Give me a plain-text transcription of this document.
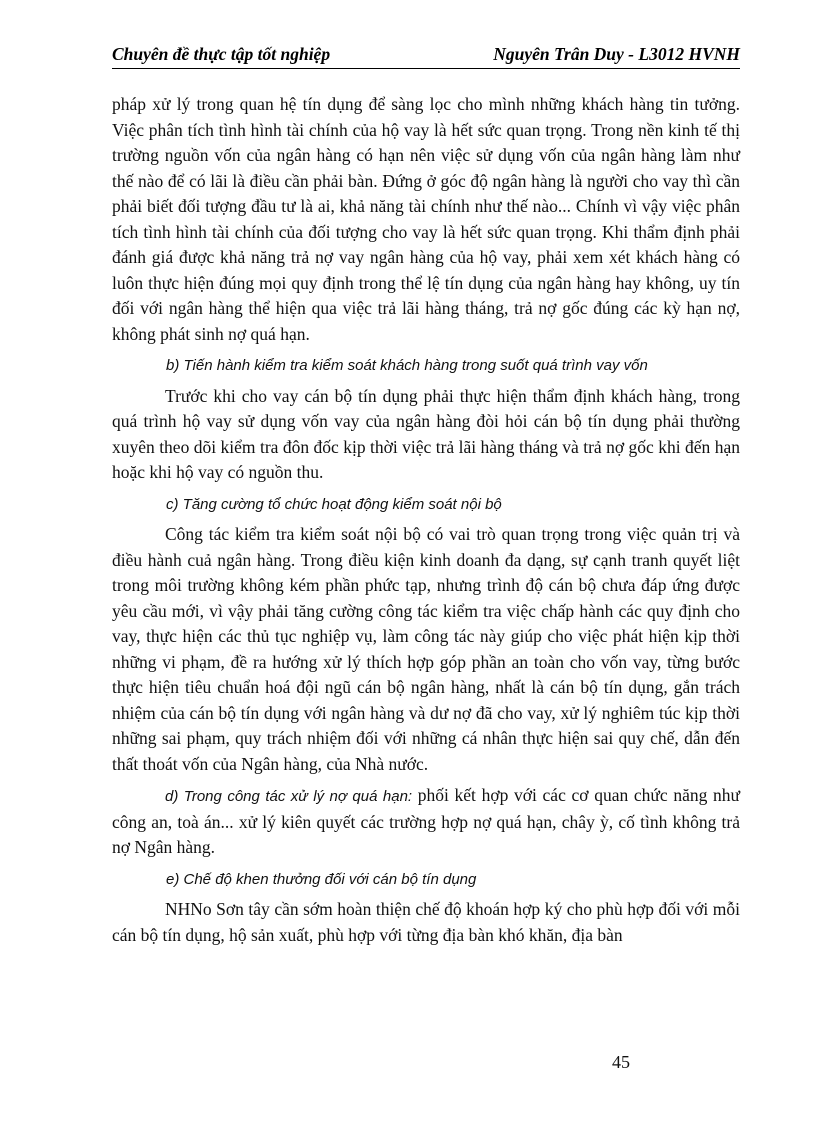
Chuyên đề thực tập tốt nghiệp	Nguyên Trân Duy - L3012 HVNH

pháp xử lý trong quan hệ tín dụng để sàng lọc cho mình những khách hàng tin tưởng. Việc phân tích tình hình tài chính của hộ vay là hết sức quan trọng. Trong nền kinh tế thị trường nguồn vốn của ngân hàng có hạn nên việc sử dụng vốn của ngân hàng làm như thế nào để có lãi là điều cần phải bàn. Đứng ở góc độ ngân hàng là người cho vay thì cần phải biết đối tượng đầu tư là ai, khả năng tài chính như thế nào... Chính vì vậy việc phân tích tình hình tài chính của đối tượng cho vay là hết sức quan trọng. Khi thẩm định phải đánh giá được khả năng trả nợ vay ngân hàng của hộ vay, phải xem xét khách hàng có luôn thực hiện đúng mọi quy định trong thể lệ tín dụng của ngân hàng hay không, uy tín đối với ngân hàng thể hiện qua việc trả lãi hàng tháng, trả nợ gốc đúng các kỳ hạn nợ, không phát sinh nợ quá hạn.

b) Tiến hành kiểm tra kiểm soát khách hàng trong suốt quá trình vay vốn

Trước khi cho vay cán bộ tín dụng phải thực hiện thẩm định khách hàng, trong quá trình hộ vay sử dụng vốn vay của ngân hàng đòi hỏi cán bộ tín dụng phải thường xuyên theo dõi kiểm tra đôn đốc kịp thời việc trả lãi hàng tháng và trả nợ gốc khi đến hạn hoặc khi hộ vay có nguồn thu.

c) Tăng cường tổ chức hoạt động kiểm soát nội bộ

Công tác kiểm tra kiểm soát nội bộ có vai trò quan trọng trong việc quản trị và điều hành cuả ngân hàng. Trong điều kiện kinh doanh đa dạng, sự cạnh tranh quyết liệt trong môi trường không kém phần phức tạp, nhưng trình độ cán bộ chưa đáp ứng được yêu cầu mới, vì vậy phải tăng cường công tác kiểm tra việc chấp hành các quy định cho vay, thực hiện các thủ tục nghiệp vụ, làm công tác này giúp cho việc phát hiện kịp thời những vi phạm, đề ra hướng xử lý thích hợp góp phần an toàn cho vốn vay, từng bước thực hiện tiêu chuẩn hoá đội ngũ cán bộ ngân hàng, nhất là cán bộ tín dụng, gắn trách nhiệm của cán bộ tín dụng với ngân hàng và dư nợ đã cho vay, xử lý nghiêm túc kịp thời những sai phạm, quy trách nhiệm đối với những cá nhân thực hiện sai quy chế, dẫn đến thất thoát vốn của Ngân hàng, của Nhà nước.

d) Trong công tác xử lý nợ quá hạn: phối kết hợp với các cơ quan chức năng như công an, toà án... xử lý kiên quyết các trường hợp nợ quá hạn, chây ỳ, cố tình không trả nợ Ngân hàng.

e) Chế độ khen thưởng đối với cán bộ tín dụng

NHNo Sơn tây cần sớm hoàn thiện chế độ khoán hợp ký cho phù hợp đối với mỗi cán bộ tín dụng, hộ sản xuất, phù hợp với từng địa bàn khó khăn, địa bàn

45
